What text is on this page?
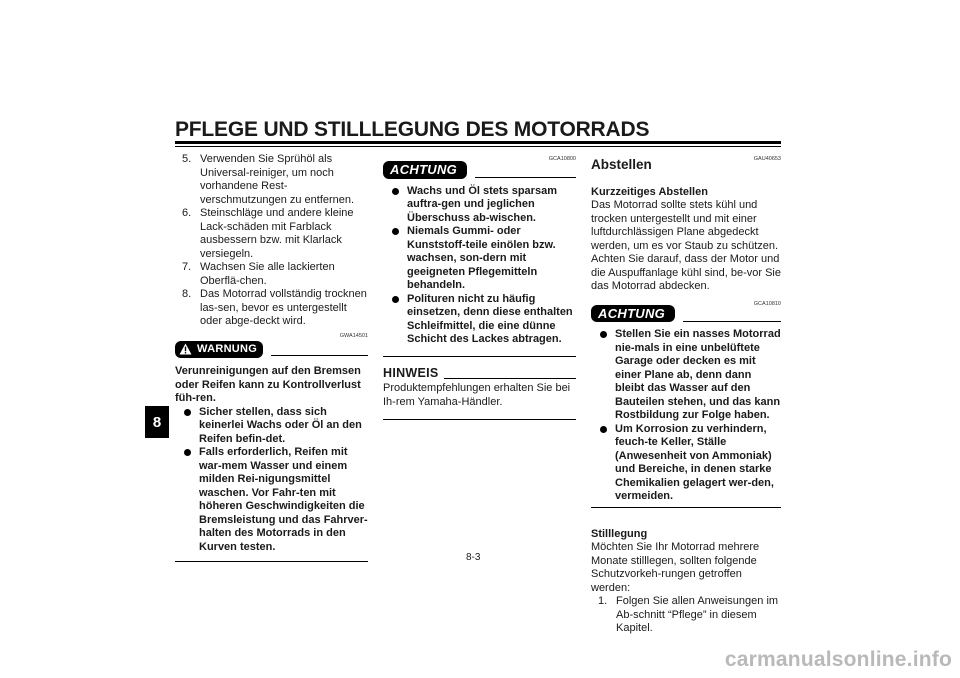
PFLEGE UND STILLLEGUNG DES MOTORRADS
8
5. Verwenden Sie Sprühöl als Universal-reiniger, um noch vorhandene Rest-verschmutzungen zu entfernen.
6. Steinschläge und andere kleine Lack-schäden mit Farblack ausbessern bzw. mit Klarlack versiegeln.
7. Wachsen Sie alle lackierten Oberflä-chen.
8. Das Motorrad vollständig trocknen las-sen, bevor es untergestellt oder abge-deckt wird.
GWA14501
WARNUNG

Verunreinigungen auf den Bremsen oder Reifen kann zu Kontrollverlust füh-ren.

Sicher stellen, dass sich keinerlei Wachs oder Öl an den Reifen befin-det.
Falls erforderlich, Reifen mit war-mem Wasser und einem milden Rei-nigungsmittel waschen. Vor Fahr-ten mit höheren Geschwindigkeiten die Bremsleistung und das Fahrver-halten des Motorrads in den Kurven testen.
GCA10800
ACHTUNG
Wachs und Öl stets sparsam auftra-gen und jeglichen Überschuss ab-wischen.
Niemals Gummi- oder Kunststoff-teile einölen bzw. wachsen, son-dern mit geeigneten Pflegemitteln behandeln.
Polituren nicht zu häufig einsetzen, denn diese enthalten Schleifmittel, die eine dünne Schicht des Lackes abtragen.
HINWEIS

Produktempfehlungen erhalten Sie bei Ih-rem Yamaha-Händler.

GAU40653
Abstellen

Kurzzeitiges Abstellen

Das Motorrad sollte stets kühl und trocken untergestellt und mit einer luftdurchlässigen Plane abgedeckt werden, um es vor Staub zu schützen. Achten Sie darauf, dass der Motor und die Auspuffanlage kühl sind, be-vor Sie das Motorrad abdecken.

GCA10810
ACHTUNG
Stellen Sie ein nasses Motorrad nie-mals in eine unbelüftete Garage oder decken es mit einer Plane ab, denn dann bleibt das Wasser auf den Bauteilen stehen, und das kann Rostbildung zur Folge haben.
Um Korrosion zu verhindern, feuch-te Keller, Ställe (Anwesenheit von Ammoniak) und Bereiche, in denen starke Chemikalien gelagert wer-den, vermeiden.

Stilllegung

Möchten Sie Ihr Motorrad mehrere Monate stilllegen, sollten folgende Schutzvorkeh-rungen getroffen werden:

1. Folgen Sie allen Anweisungen im Ab-schnitt “Pflege” in diesem Kapitel.
8-3
carmanualsonline.info
